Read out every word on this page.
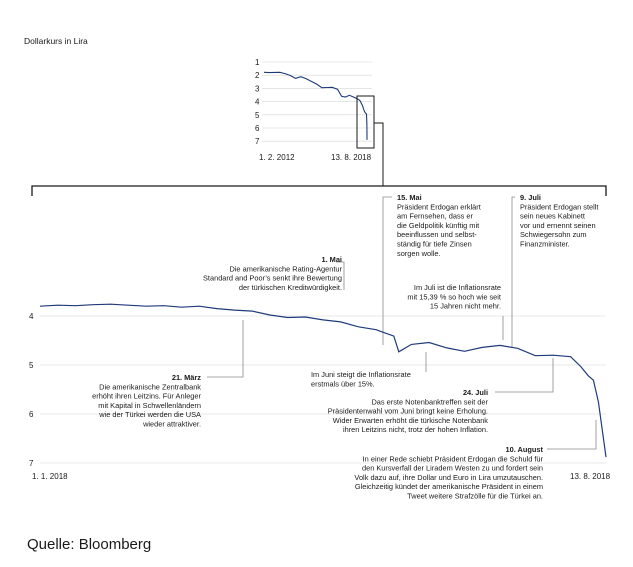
Dollarkurs in Lira
1
2
3
4
5
6
7
1. 2. 2012	13. 8. 2018
4
5
6
7
1. 1. 2018	13. 8. 2018
1. Mai
Die amerikanische Rating-Agentur
Standard and Poor’s senkt ihre Bewertung
der türkischen Kreditwürdigkeit.
15. Mai
Präsident Erdogan erklärt
am Fernsehen, dass er
die Geldpolitik künftig mit
beeinflussen und selbst-
ständig für tiefe Zinsen
sorgen wolle.
9. Juli
Präsident Erdogan stellt
sein neues Kabinett
vor und ernennt seinen
Schwiegersohn zum
Finanzminister.
Im Juli ist die Inflationsrate
mit 15,39 % so hoch wie seit
15 Jahren nicht mehr.
21. März
Die amerikanische Zentralbank
erhöht ihren Leitzins. Für Anleger
mit Kapital in Schwellenländern
wie der Türkei werden die USA
wieder attraktiver.
Im Juni steigt die Inflationsrate
erstmals über 15%.
24. Juli
Das erste Notenbanktreffen seit der
Präsidentenwahl vom Juni bringt keine Erholung.
Wider Erwarten erhöht die türkische Notenbank
ihren Leitzins nicht, trotz der hohen Inflation.
10. August
In einer Rede schiebt Präsident Erdogan die Schuld für
den Kursverfall der Liradem Westen zu und fordert sein
Volk dazu auf, ihre Dollar und Euro in Lira umzutauschen.
Gleichzeitig kündet der amerikanische Präsident in einem
Tweet weitere Strafzölle für die Türkei an.
Quelle: Bloomberg
